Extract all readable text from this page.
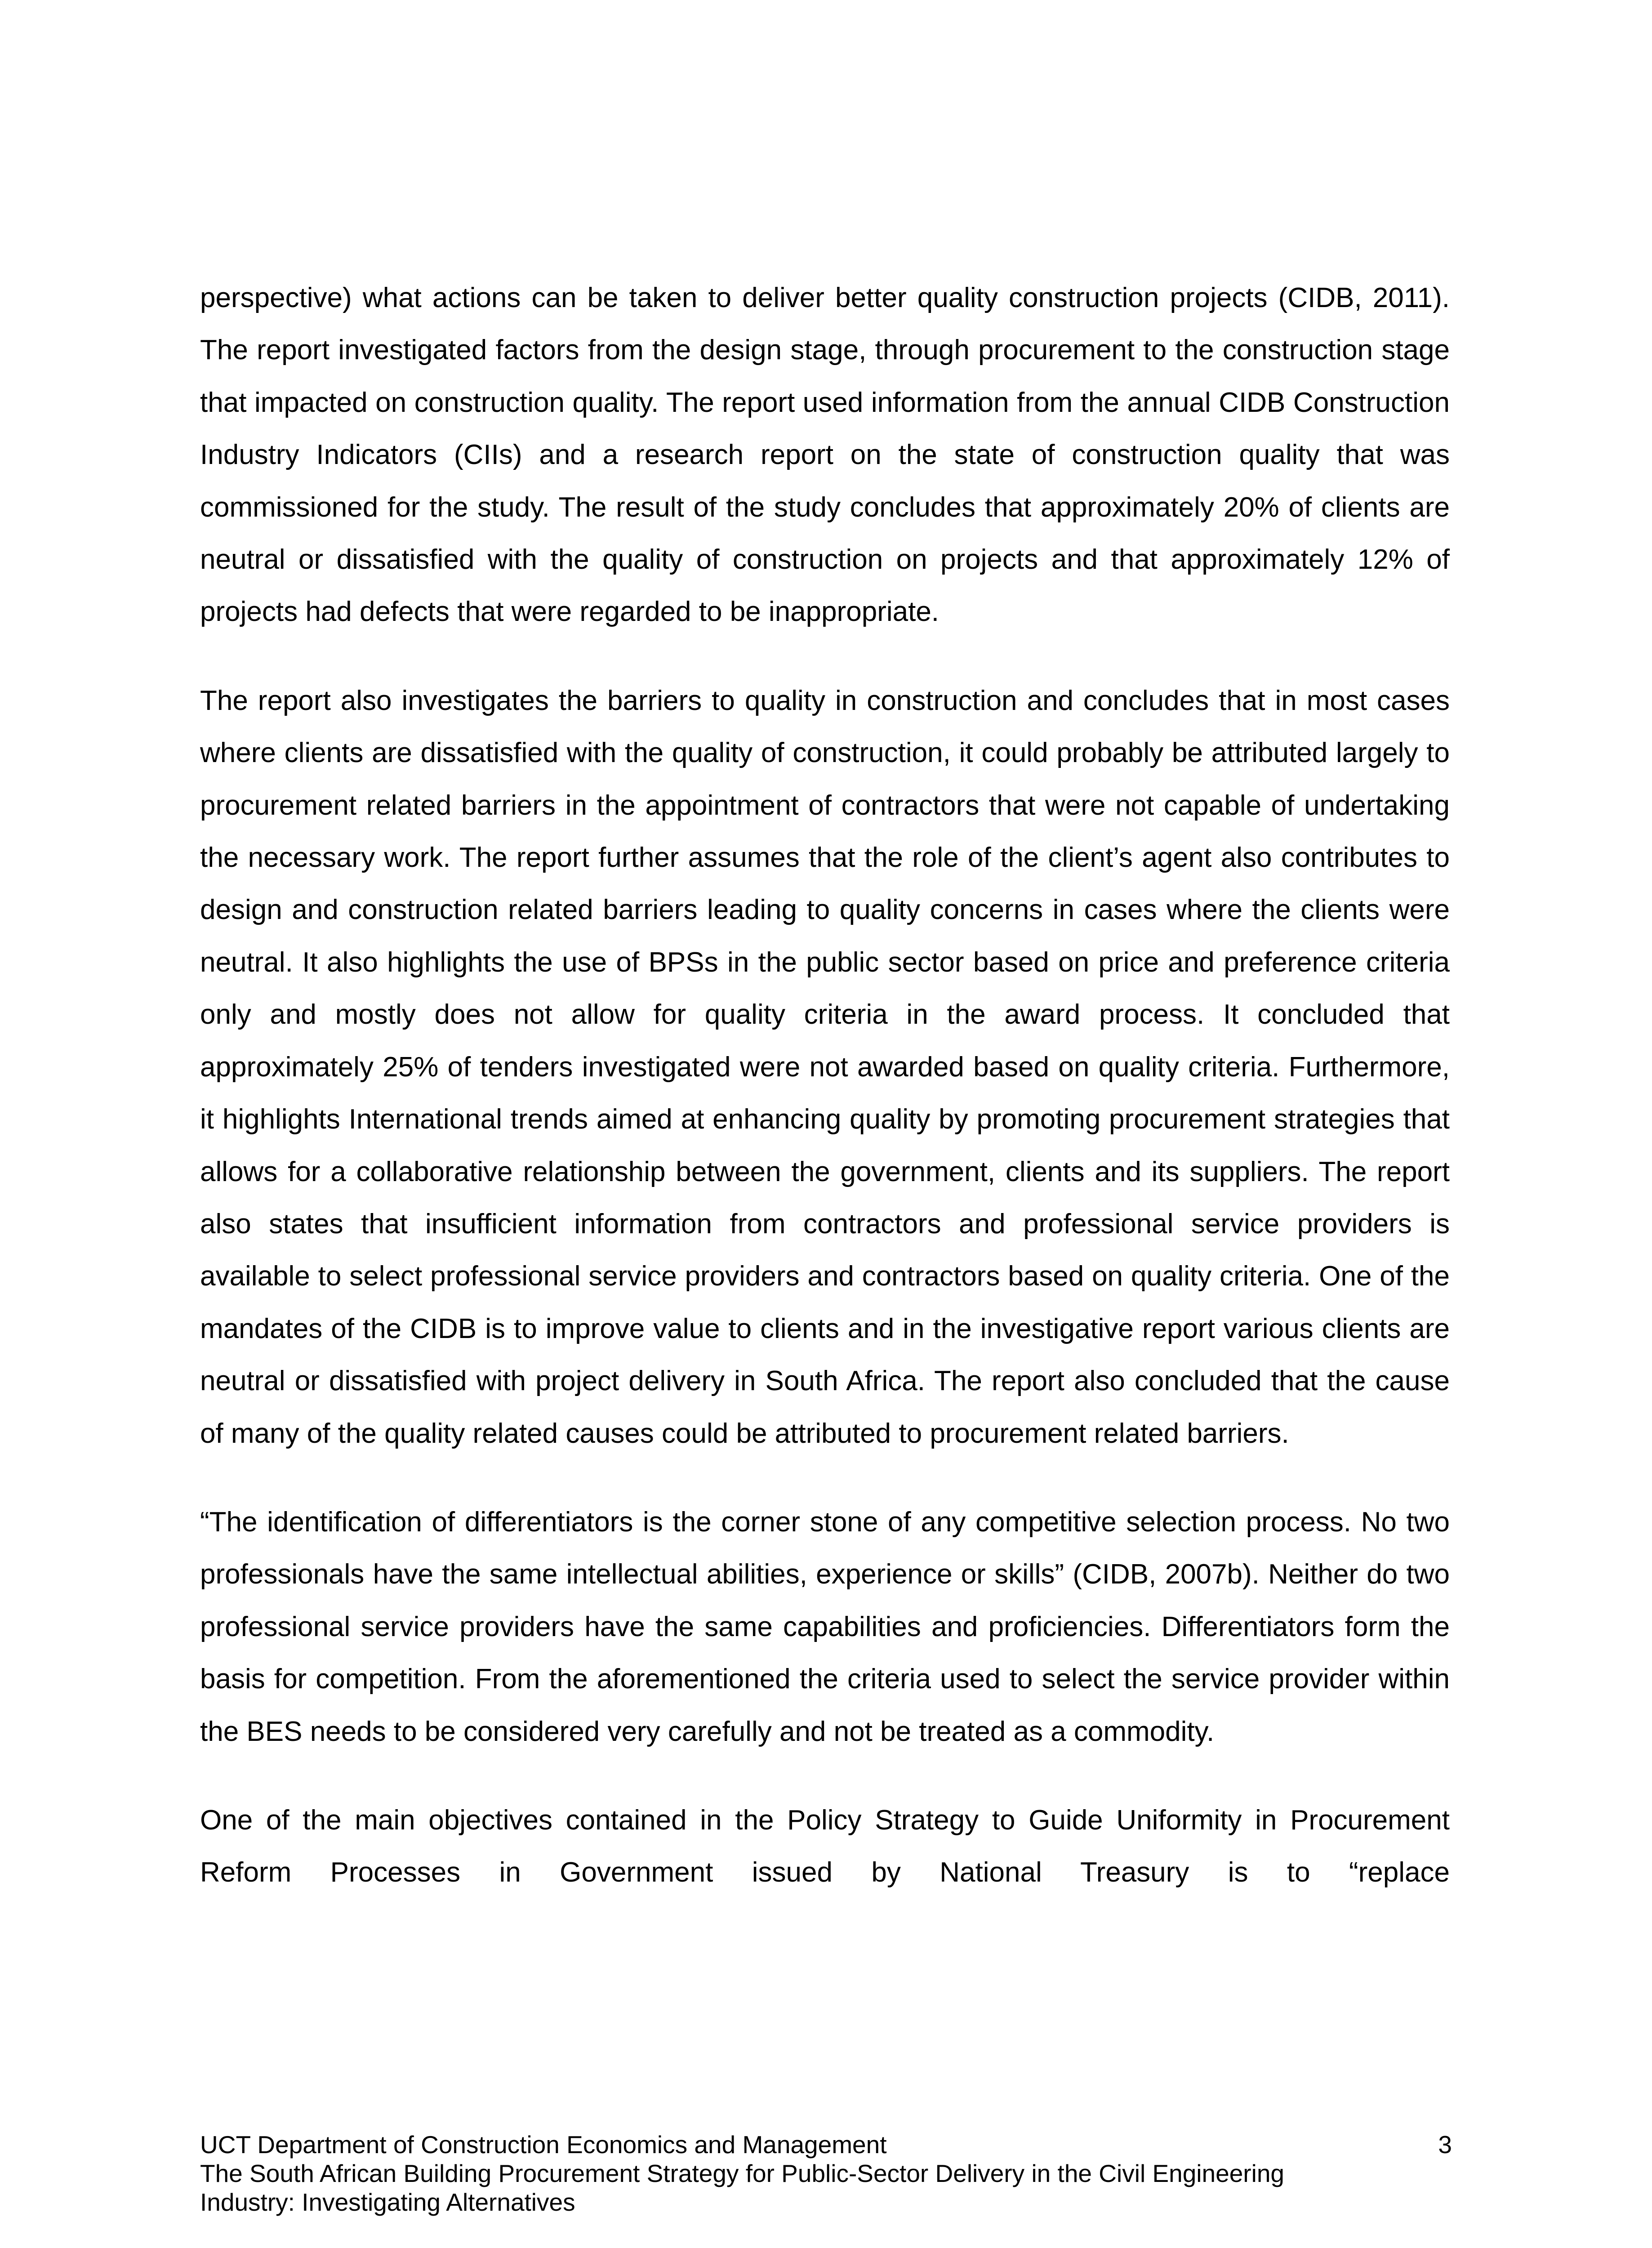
perspective) what actions can be taken to deliver better quality construction projects (CIDB, 2011). The report investigated factors from the design stage, through procurement to the construction stage that impacted on construction quality. The report used information from the annual CIDB Construction Industry Indicators (CIIs) and a research report on the state of construction quality that was commissioned for the study. The result of the study concludes that approximately 20% of clients are neutral or dissatisfied with the quality of construction on projects and that approximately 12% of projects had defects that were regarded to be inappropriate.

The report also investigates the barriers to quality in construction and concludes that in most cases where clients are dissatisfied with the quality of construction, it could probably be attributed largely to procurement related barriers in the appointment of contractors that were not capable of undertaking the necessary work. The report further assumes that the role of the client’s agent also contributes to design and construction related barriers leading to quality concerns in cases where the clients were neutral. It also highlights the use of BPSs in the public sector based on price and preference criteria only and mostly does not allow for quality criteria in the award process. It concluded that approximately 25% of tenders investigated were not awarded based on quality criteria. Furthermore, it highlights International trends aimed at enhancing quality by promoting procurement strategies that allows for a collaborative relationship between the government, clients and its suppliers. The report also states that insufficient information from contractors and professional service providers is available to select professional service providers and contractors based on quality criteria. One of the mandates of the CIDB is to improve value to clients and in the investigative report various clients are neutral or dissatisfied with project delivery in South Africa. The report also concluded that the cause of many of the quality related causes could be attributed to procurement related barriers.

“The identification of differentiators is the corner stone of any competitive selection process. No two professionals have the same intellectual abilities, experience or skills” (CIDB, 2007b). Neither do two professional service providers have the same capabilities and proficiencies. Differentiators form the basis for competition. From the aforementioned the criteria used to select the service provider within the BES needs to be considered very carefully and not be treated as a commodity.

One of the main objectives contained in the Policy Strategy to Guide Uniformity in Procurement Reform Processes in Government issued by National Treasury is to “replace

UCT Department of Construction Economics and Management	3
The South African Building Procurement Strategy for Public-Sector Delivery in the Civil Engineering
Industry: Investigating Alternatives
